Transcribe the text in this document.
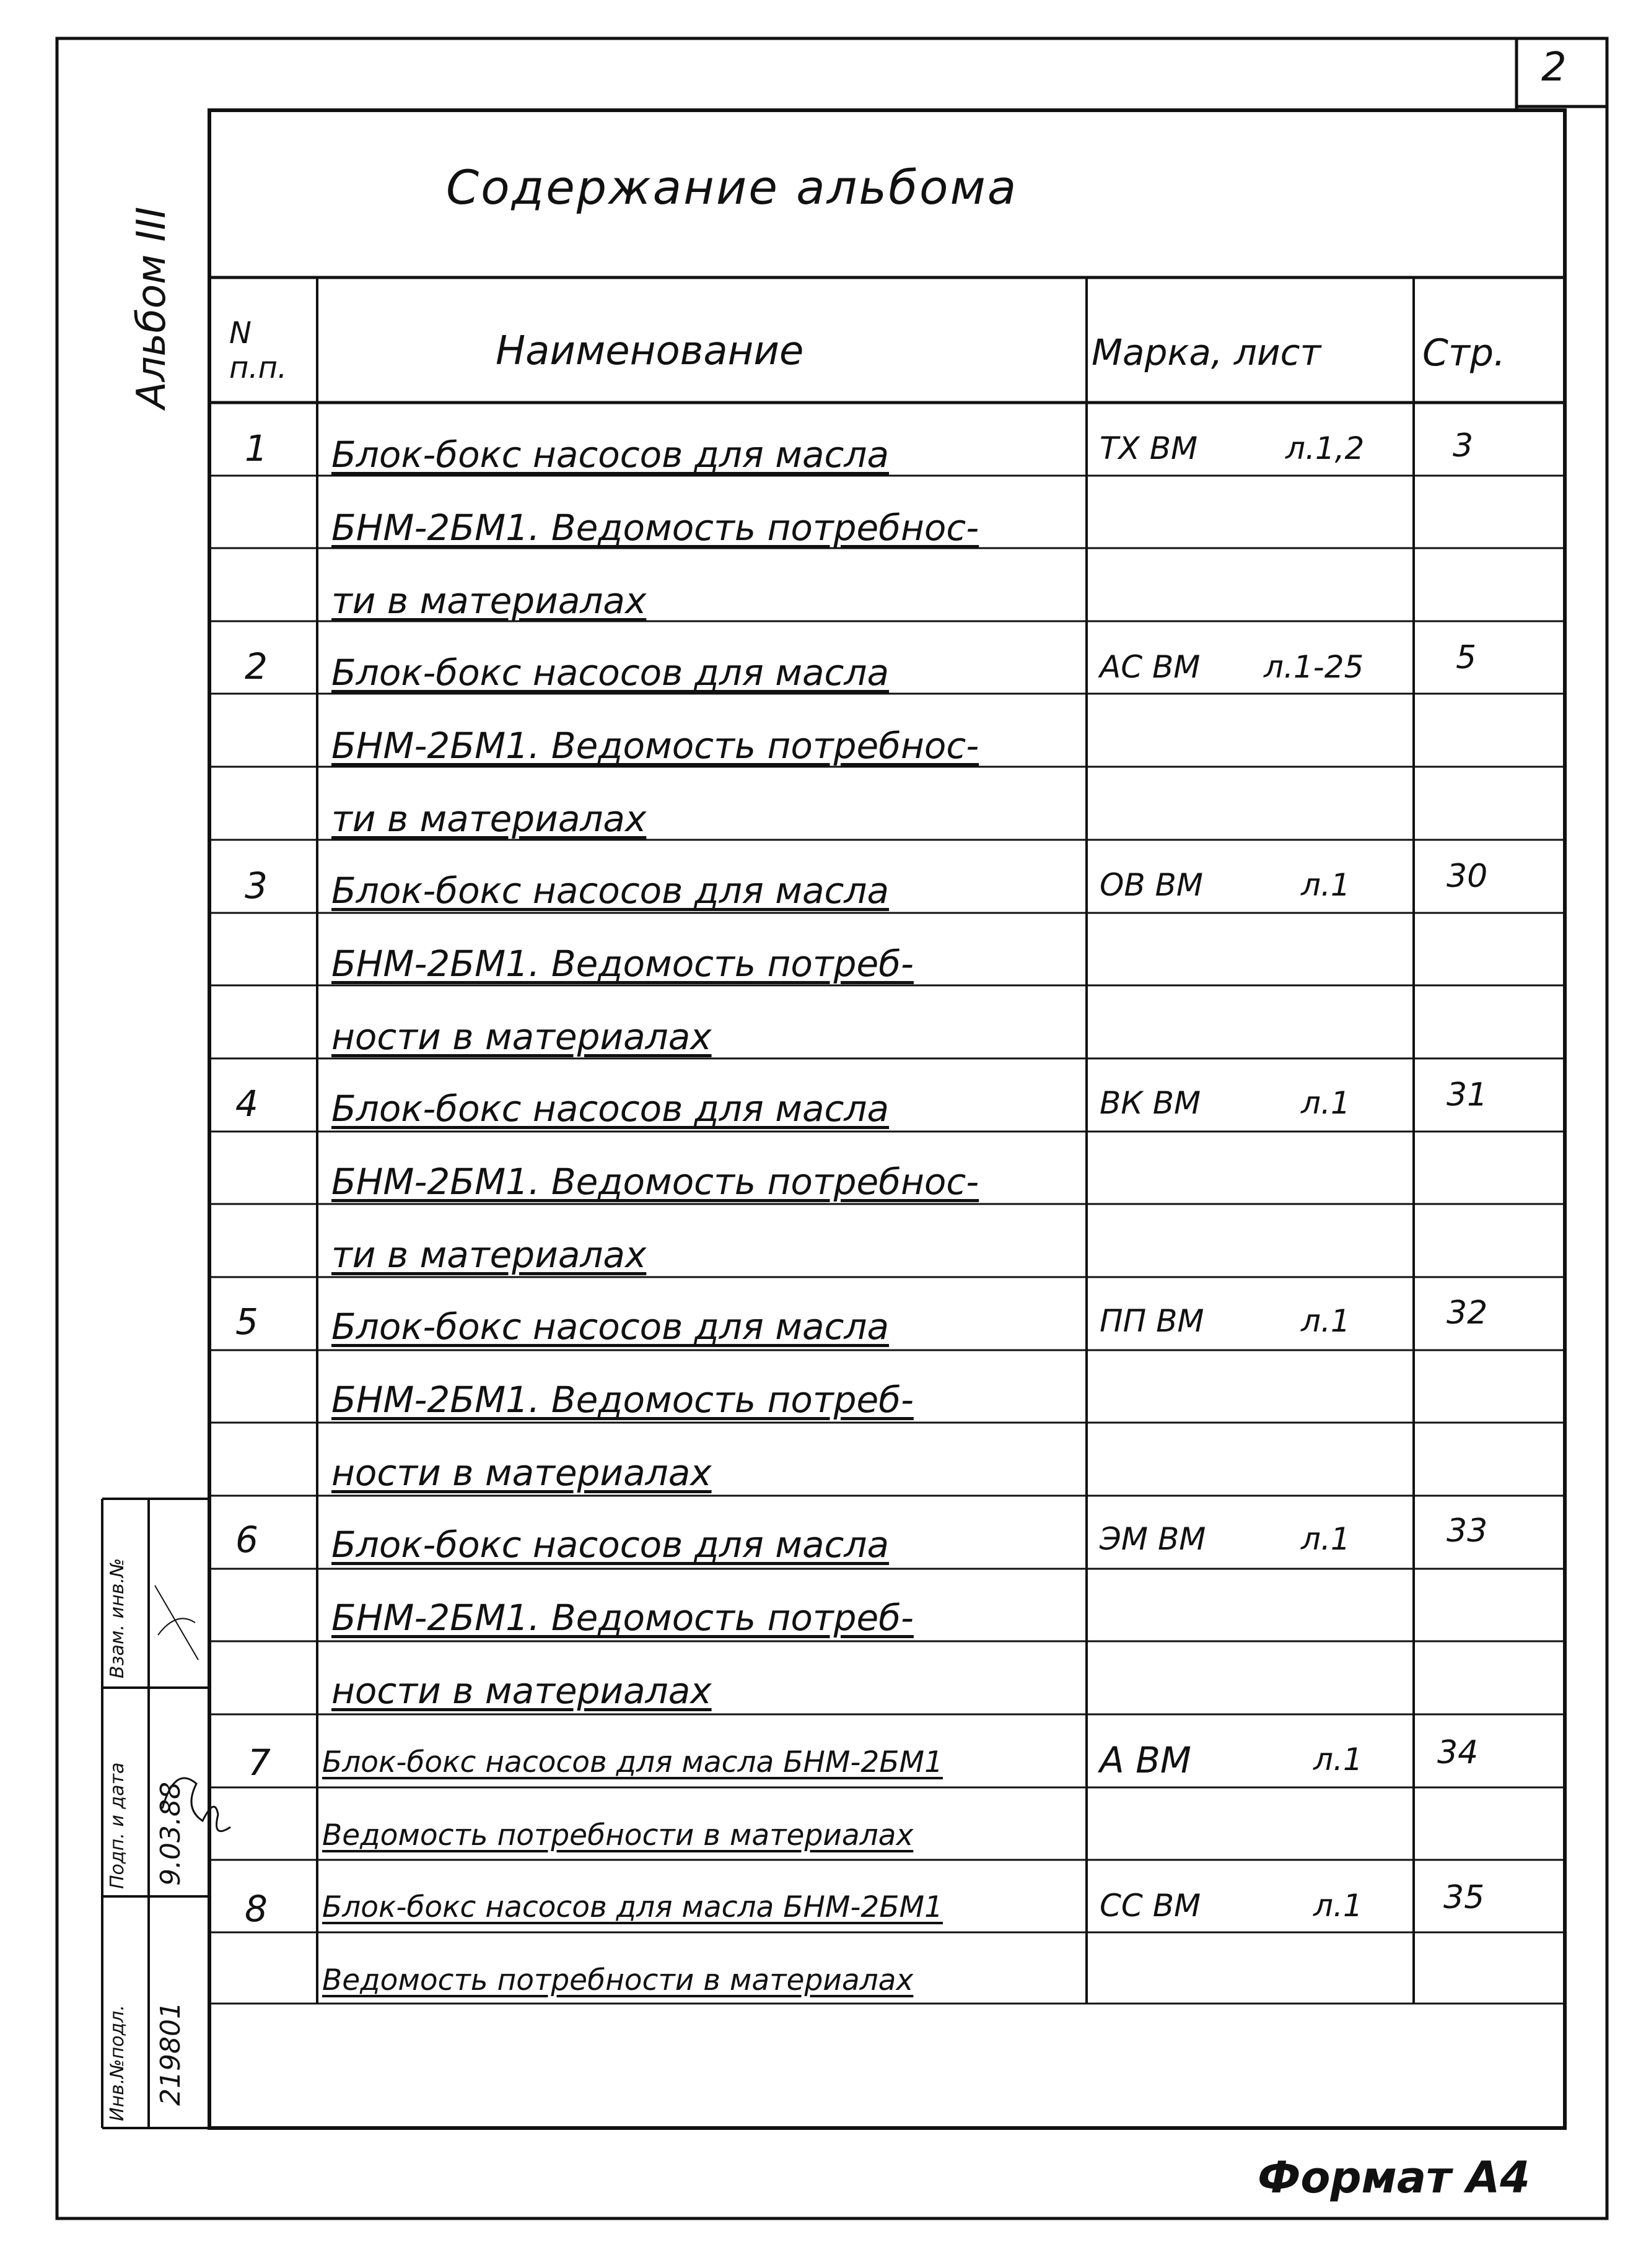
2
Альбом III
Содержание альбома
N п.п.	Наименование	Марка, лист	Стр.
1 Блок-бокс насосов для масла
БНМ-2БМ1. Ведомость потребнос-
ти в материалах
ТХ ВМ	л.1,2	3
2 Блок-бокс насосов для масла
БНМ-2БМ1. Ведомость потребнос-
ти в материалах
АС ВМ л.1-25	5
3 Блок-бокс насосов для масла
БНМ-2БМ1. Ведомость потреб-
ности в материалах
ОВ ВМ	л.1	30
4 Блок-бокс насосов для масла
БНМ-2БМ1. Ведомость потребнос-
ти в материалах
ВК ВМ	л.1	31
5 Блок-бокс насосов для масла
БНМ-2БМ1. Ведомость потреб-
ности в материалах
ПП ВМ	л.1	32
6 Блок-бокс насосов для масла
БНМ-2БМ1. Ведомость потреб-
ности в материалах
ЭМ ВМ	л.1	33
7 Блок-бокс насосов для масла БНМ-2БМ1
Ведомость потребности в материалах
А ВМ	л.1 34
8 Блок-бокс насосов для масла БНМ-2БМ1
Ведомость потребности в материалах
СС ВМ	л.1	35
Инв.№подл. 219801
Подп. и дата 9.03.88
Взам. инв.№
Формат А4
